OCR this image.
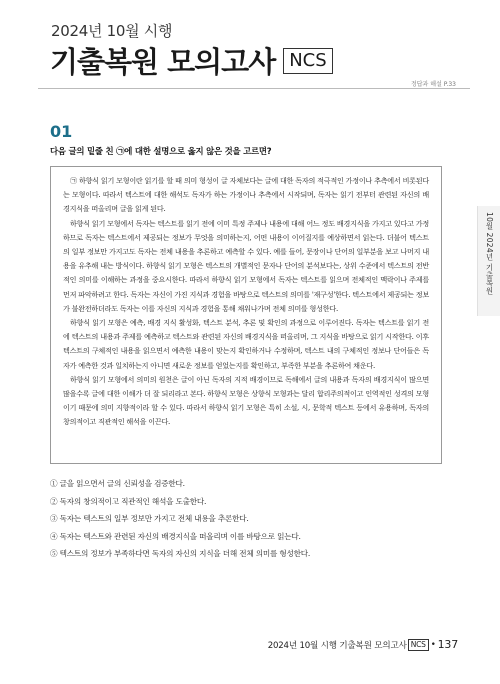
2024년 10월 시행
기출복원 모의고사 NCS
정답과 해설 P.33
10월 2024년 기출복원
01
다음 글의 밑줄 친 ㉠에 대한 설명으로 옳지 않은 것을 고르면?

㉠ 하향식 읽기 모형이란 읽기를 할 때 의미 형성이 글 자체보다는 글에 대한 독자의 적극적인 가정이나 추측에서 비롯된다는 모형이다. 따라서 텍스트에 대한 해석도 독자가 하는 가정이나 추측에서 시작되며, 독자는 읽기 전부터 관련된 자신의 배경지식을 떠올리며 글을 읽게 된다.

하향식 읽기 모형에서 독자는 텍스트를 읽기 전에 이미 특정 주제나 내용에 대해 어느 정도 배경지식을 가지고 있다고 가정하므로 독자는 텍스트에서 제공되는 정보가 무엇을 의미하는지, 어떤 내용이 이어질지를 예상하면서 읽는다. 더불어 텍스트의 일부 정보만 가지고도 독자는 전체 내용을 추론하고 예측할 수 있다. 예를 들어, 문장이나 단어의 일부분을 보고 나머지 내용을 유추해 내는 방식이다. 하향식 읽기 모형은 텍스트의 개별적인 문자나 단어의 분석보다는, 상위 수준에서 텍스트의 전반적인 의미를 이해하는 과정을 중요시한다. 따라서 하향식 읽기 모형에서 독자는 텍스트를 읽으며 전체적인 맥락이나 주제를 먼저 파악하려고 한다. 독자는 자신이 가진 지식과 경험을 바탕으로 텍스트의 의미를 '재구성'한다. 텍스트에서 제공되는 정보가 불완전하더라도 독자는 이를 자신의 지식과 경험을 통해 채워나가며 전체 의미를 형성한다.

하향식 읽기 모형은 예측, 배경 지식 활성화, 텍스트 분석, 추론 및 확인의 과정으로 이루어진다. 독자는 텍스트를 읽기 전에 텍스트의 내용과 주제를 예측하고 텍스트와 관련된 자신의 배경지식을 떠올리며, 그 지식을 바탕으로 읽기 시작한다. 이후 텍스트의 구체적인 내용을 읽으면서 예측한 내용이 맞는지 확인하거나 수정하며, 텍스트 내의 구체적인 정보나 단어들은 독자가 예측한 것과 일치하는지 아니면 새로운 정보를 얻었는지를 확인하고, 부족한 부분을 추론하여 채운다.

하향식 읽기 모형에서 의미의 원천은 글이 아닌 독자의 지적 배경이므로 독해에서 글의 내용과 독자의 배경지식이 많으면 많을수록 글에 대한 이해가 더 잘 되리라고 본다. 하향식 모형은 상향식 모형과는 달리 합리주의적이고 인역적인 성격의 모형이기 때문에 의미 지향적이라 할 수 있다. 따라서 하향식 읽기 모형은 특히 소설, 시, 문학적 텍스트 등에서 유용하며, 독자의 창의적이고 직관적인 해석을 이끈다.

① 글을 읽으면서 글의 신뢰성을 검증한다.
② 독자의 창의적이고 직관적인 해석을 도출한다.
③ 독자는 텍스트의 일부 정보만 가지고 전체 내용을 추론한다.
④ 독자는 텍스트와 관련된 자신의 배경지식을 떠올리며 이를 바탕으로 읽는다.
⑤ 텍스트의 정보가 부족하다면 독자의 자신의 지식을 더해 전체 의미를 형성한다.
2024년 10월 시행 기출복원 모의고사 NCS • 137
